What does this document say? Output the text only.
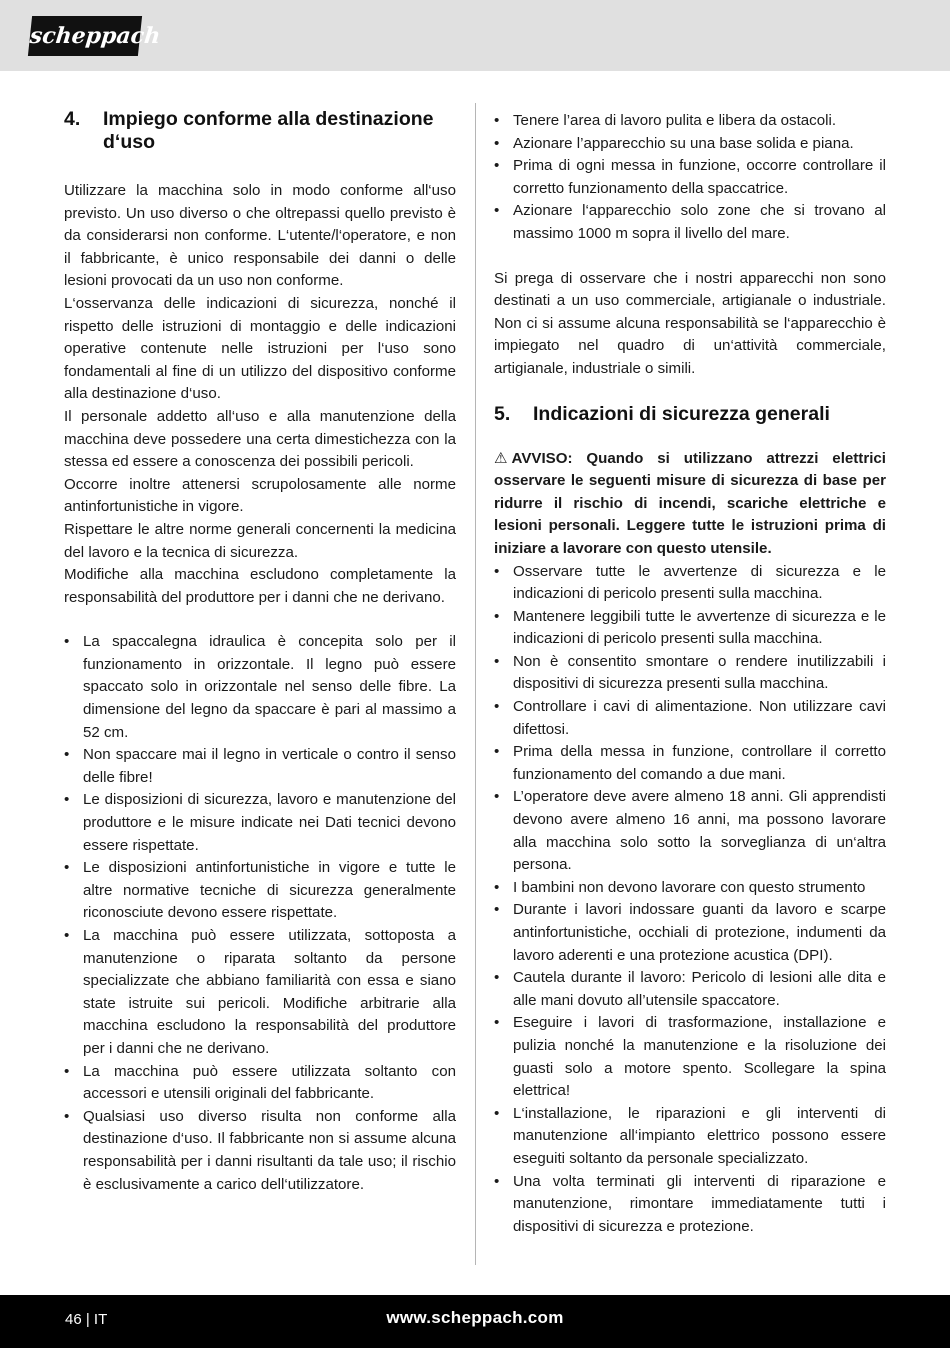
scheppach
4.	Impiego conforme alla destinazione d‘uso

Utilizzare la macchina solo in modo conforme all‘uso previsto. Un uso diverso o che oltrepassi quello previsto è da considerarsi non conforme. L‘utente/l‘operatore, e non il fabbricante, è unico responsabile dei danni o delle lesioni provocati da un uso non conforme.

L‘osservanza delle indicazioni di sicurezza, nonché il rispetto delle istruzioni di montaggio e delle indicazioni operative contenute nelle istruzioni per l‘uso sono fondamentali al fine di un utilizzo del dispositivo conforme alla destinazione d‘uso.

Il personale addetto all‘uso e alla manutenzione della macchina deve possedere una certa dimestichezza con la stessa ed essere a conoscenza dei possibili pericoli.

Occorre inoltre attenersi scrupolosamente alle norme antinfortunistiche in vigore.

Rispettare le altre norme generali concernenti la medicina del lavoro e la tecnica di sicurezza.

Modifiche alla macchina escludono completamente la responsabilità del produttore per i danni che ne derivano.

• La spaccalegna idraulica è concepita solo per il funzionamento in orizzontale. Il legno può essere spaccato solo in orizzontale nel senso delle fibre. La dimensione del legno da spaccare è pari al massimo a 52 cm.
• Non spaccare mai il legno in verticale o contro il senso delle fibre!
• Le disposizioni di sicurezza, lavoro e manutenzione del produttore e le misure indicate nei Dati tecnici devono essere rispettate.
• Le disposizioni antinfortunistiche in vigore e tutte le altre normative tecniche di sicurezza generalmente riconosciute devono essere rispettate.
• La macchina può essere utilizzata, sottoposta a manutenzione o riparata soltanto da persone specializzate che abbiano familiarità con essa e siano state istruite sui pericoli. Modifiche arbitrarie alla macchina escludono la responsabilità del produttore per i danni che ne derivano.
• La macchina può essere utilizzata soltanto con accessori e utensili originali del fabbricante.
• Qualsiasi uso diverso risulta non conforme alla destinazione d‘uso. Il fabbricante non si assume alcuna responsabilità per i danni risultanti da tale uso; il rischio è esclusivamente a carico dell‘utilizzatore.
• Tenere l’area di lavoro pulita e libera da ostacoli.
• Azionare l’apparecchio su una base solida e piana.
• Prima di ogni messa in funzione, occorre controllare il corretto funzionamento della spaccatrice.
• Azionare l‘apparecchio solo zone che si trovano al massimo 1000 m sopra il livello del mare.

Si prega di osservare che i nostri apparecchi non sono destinati a un uso commerciale, artigianale o industriale. Non ci si assume alcuna responsabilità se l‘apparecchio è impiegato nel quadro di un‘attività commerciale, artigianale, industriale o simili.

5.	Indicazioni di sicurezza generali
⚠ AVVISO: Quando si utilizzano attrezzi elettrici osservare le seguenti misure di sicurezza di base per ridurre il rischio di incendi, scariche elettriche e lesioni personali. Leggere tutte le istruzioni prima di iniziare a lavorare con questo utensile.
• Osservare tutte le avvertenze di sicurezza e le indicazioni di pericolo presenti sulla macchina.
• Mantenere leggibili tutte le avvertenze di sicurezza e le indicazioni di pericolo presenti sulla macchina.
• Non è consentito smontare o rendere inutilizzabili i dispositivi di sicurezza presenti sulla macchina.
• Controllare i cavi di alimentazione. Non utilizzare cavi difettosi.
• Prima della messa in funzione, controllare il corretto funzionamento del comando a due mani.
• L’operatore deve avere almeno 18 anni. Gli apprendisti devono avere almeno 16 anni, ma possono lavorare alla macchina solo sotto la sorveglianza di un‘altra persona.
• I bambini non devono lavorare con questo strumento
• Durante i lavori indossare guanti da lavoro e scarpe antinfortunistiche, occhiali di protezione, indumenti da lavoro aderenti e una protezione acustica (DPI).
• Cautela durante il lavoro: Pericolo di lesioni alle dita e alle mani dovuto all’utensile spaccatore.
• Eseguire i lavori di trasformazione, installazione e pulizia nonché la manutenzione e la risoluzione dei guasti solo a motore spento. Scollegare la spina elettrica!
• L‘installazione, le riparazioni e gli interventi di manutenzione all‘impianto elettrico possono essere eseguiti soltanto da personale specializzato.
• Una volta terminati gli interventi di riparazione e manutenzione, rimontare immediatamente tutti i dispositivi di sicurezza e protezione.
46 | IT	www.scheppach.com
